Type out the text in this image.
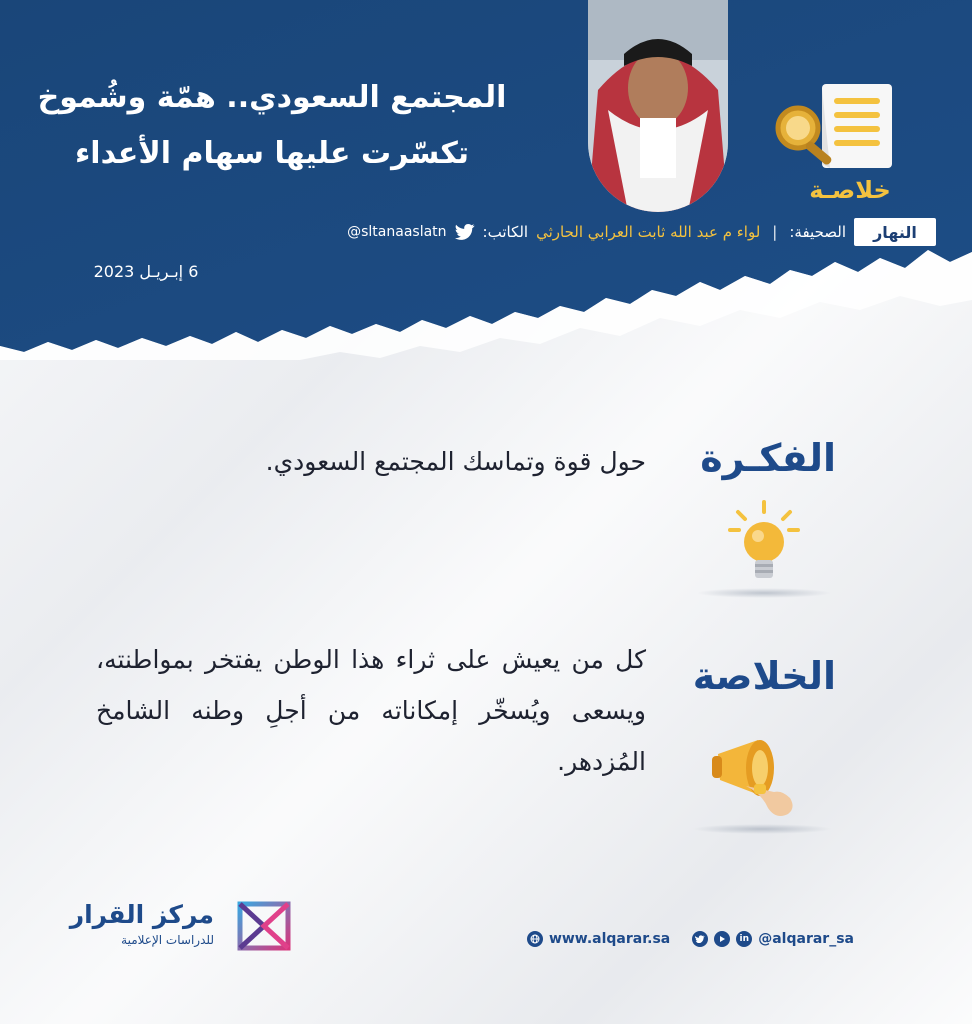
المجتمع السعودي.. همّة وشُموخ
تكسّرت عليها سهام الأعداء
خلاصـة
@sltanaaslatn الكاتب: لواء م عبد الله ثابت العرابي الحارثي | الصحيفة: النهار
6 إبـريـل 2023
الفكـرة
حول قوة وتماسك المجتمع السعودي.
الخلاصة
كل من يعيش على ثراء هذا الوطن يفتخر بمواطنته، ويسعى ويُسخّر إمكاناته من أجلِ وطنه الشامخ المُزدهر.
www.alqarar.sa	in @alqarar_sa
مركز القرار
للدراسات الإعلامية
